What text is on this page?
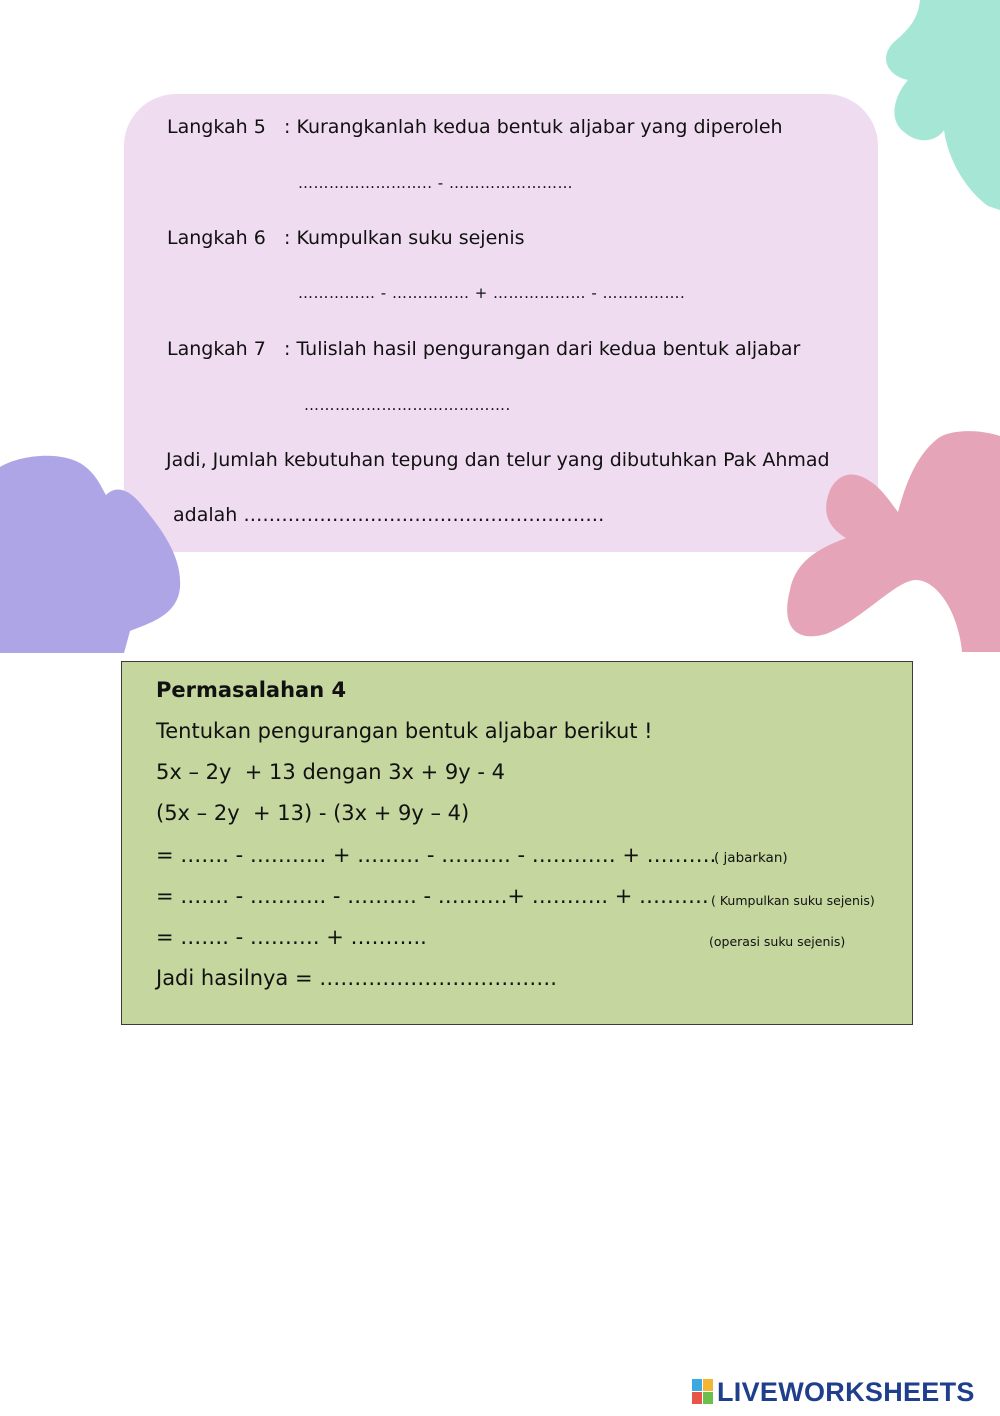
Langkah 5 : Kurangkanlah kedua bentuk aljabar yang diperoleh
…………………….. - ……………………
Langkah 6 : Kumpulkan suku sejenis
…………… - …………… + ……………… - …………….
Langkah 7 : Tulislah hasil pengurangan dari kedua bentuk aljabar
………………………………….
Jadi, Jumlah kebutuhan tepung dan telur yang dibutuhkan Pak Ahmad
adalah …………………………………………………
Permasalahan 4
Tentukan pengurangan bentuk aljabar berikut !
5x – 2y  + 13 dengan 3x + 9y - 4
(5x – 2y  + 13) - (3x + 9y – 4)
= ……. - ……….. + ……… - ………. - ………… + ……….
( jabarkan)
= ……. - ……….. - ………. - ……….+ ……….. + ………. ( Kumpulkan suku sejenis)
= ……. - ………. + ………..	(operasi suku sejenis)
Jadi hasilnya = …………………………….
LIVEWORKSHEETS
